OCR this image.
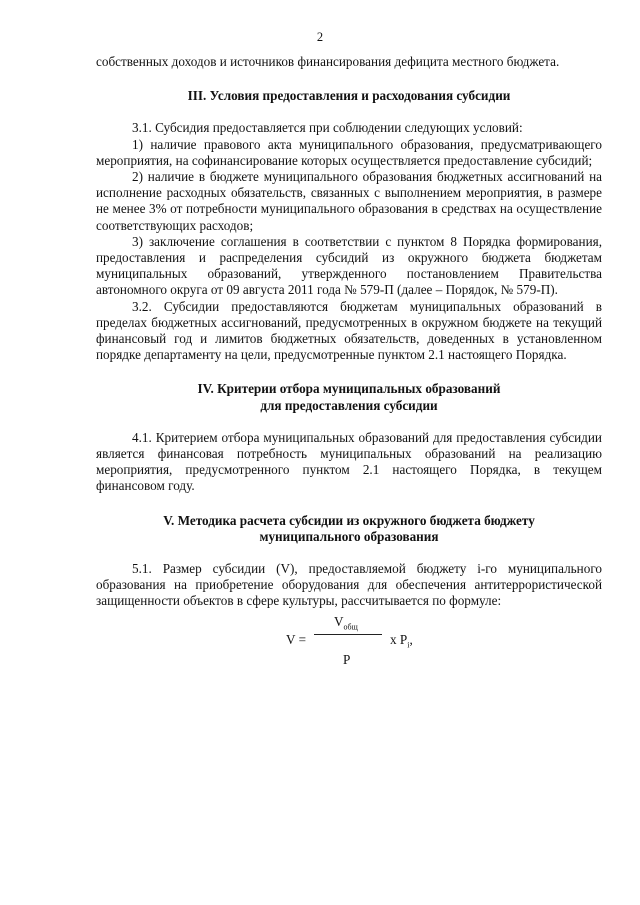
2

собственных доходов и источников финансирования дефицита местного бюджета.

III. Условия предоставления и расходования субсидии

3.1. Субсидия предоставляется при соблюдении следующих условий:

1) наличие правового акта муниципального образования, предусматривающего мероприятия, на софинансирование которых осуществляется предоставление субсидий;

2) наличие в бюджете муниципального образования бюджетных ассигнований на исполнение расходных обязательств, связанных с выполнением мероприятия, в размере не менее 3% от потребности муниципального образования в средствах на осуществление соответствующих расходов;

3) заключение соглашения в соответствии с пунктом 8 Порядка формирования, предоставления и распределения субсидий из окружного бюджета бюджетам муниципальных образований, утвержденного постановлением Правительства автономного округа от 09 августа 2011 года № 579-П (далее – Порядок, № 579-П).

3.2. Субсидии предоставляются бюджетам муниципальных образований в пределах бюджетных ассигнований, предусмотренных в окружном бюджете на текущий финансовый год и лимитов бюджетных обязательств, доведенных в установленном порядке департаменту на цели, предусмотренные пунктом 2.1 настоящего Порядка.

IV. Критерии отбора муниципальных образований
для предоставления субсидии

4.1. Критерием отбора муниципальных образований для предоставления субсидии является финансовая потребность муниципальных образований на реализацию мероприятия, предусмотренного пунктом 2.1 настоящего Порядка, в текущем финансовом году.

V. Методика расчета субсидии из окружного бюджета бюджету
муниципального образования

5.1. Размер субсидии (V), предоставляемой бюджету i-го муниципального образования на приобретение оборудования для обеспечения антитеррористической защищенности объектов в сфере культуры, рассчитывается по формуле:

V =
$V_{общ}$
P
x $P_i$,
